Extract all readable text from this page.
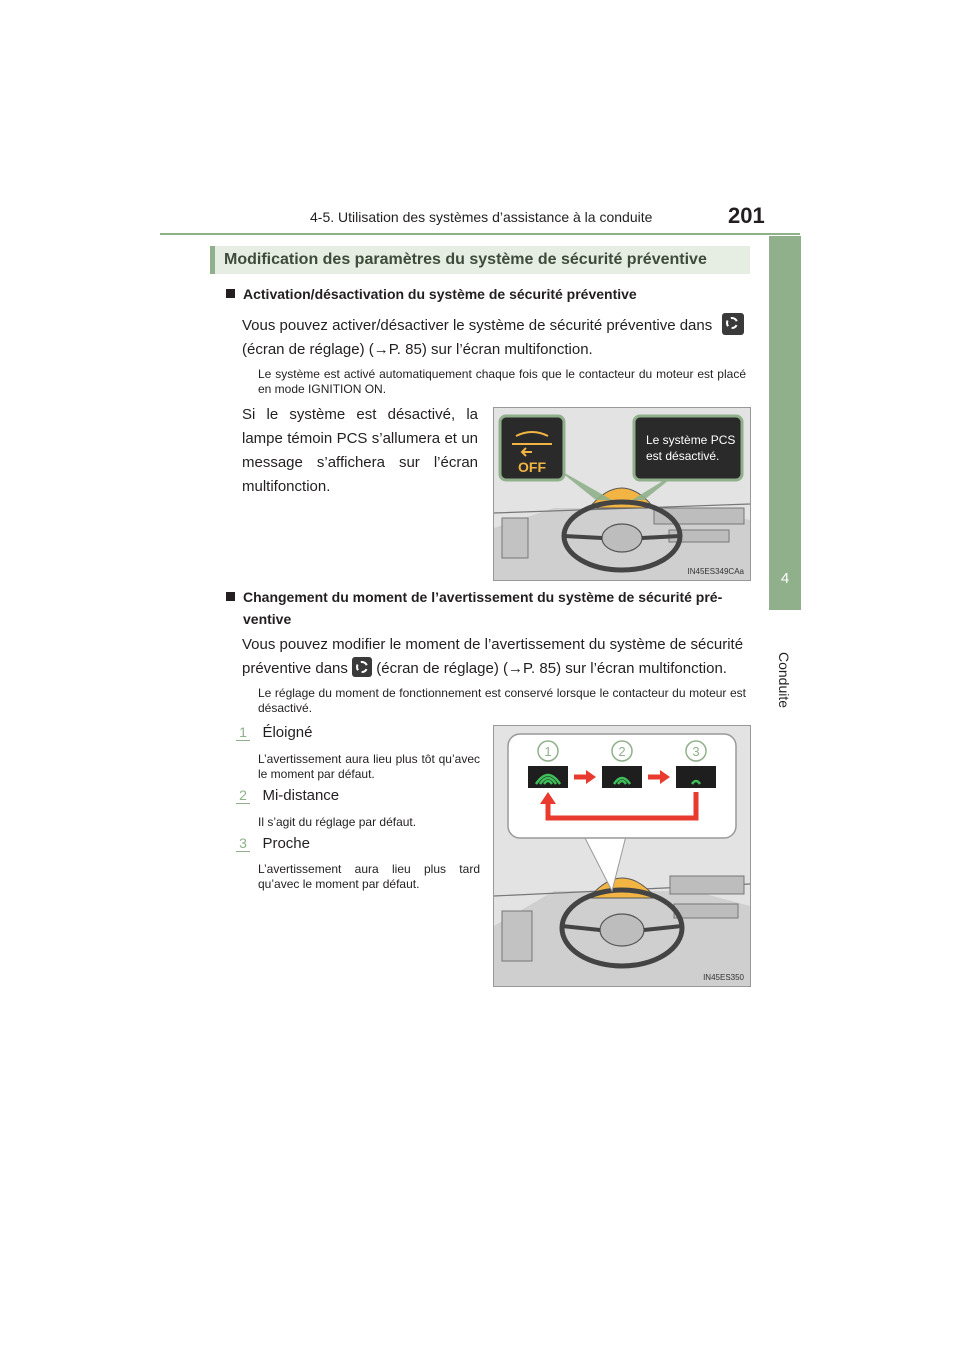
4-5. Utilisation des systèmes d’assistance à la conduite	201
4
Conduite
Modification des paramètres du système de sécurité préventive
Activation/désactivation du système de sécurité préventive
Vous pouvez activer/désactiver le système de sécurité préventive dans
(écran de réglage) (→P. 85) sur l’écran multifonction.
Le système est activé automatiquement chaque fois que le contacteur du moteur est placé en mode IGNITION ON.
Si le système est désactivé, la lampe témoin PCS s’allumera et un message s’affichera sur l’écran multifonction.
OFF
Le système PCS
est désactivé.
IN45ES349CAa
Changement du moment de l’avertissement du système de sécurité pré-
ventive
Vous pouvez modifier le moment de l’avertissement du système de sécurité
préventive dans (écran de réglage) (→P. 85) sur l’écran multifonction.
Le réglage du moment de fonctionnement est conservé lorsque le contacteur du moteur est désactivé.
1 Éloigné
L’avertissement aura lieu plus tôt qu’avec le moment par défaut.
2 Mi-distance
Il s’agit du réglage par défaut.
3 Proche
L’avertissement aura lieu plus tard qu’avec le moment par défaut.
1	2	3
IN45ES350
